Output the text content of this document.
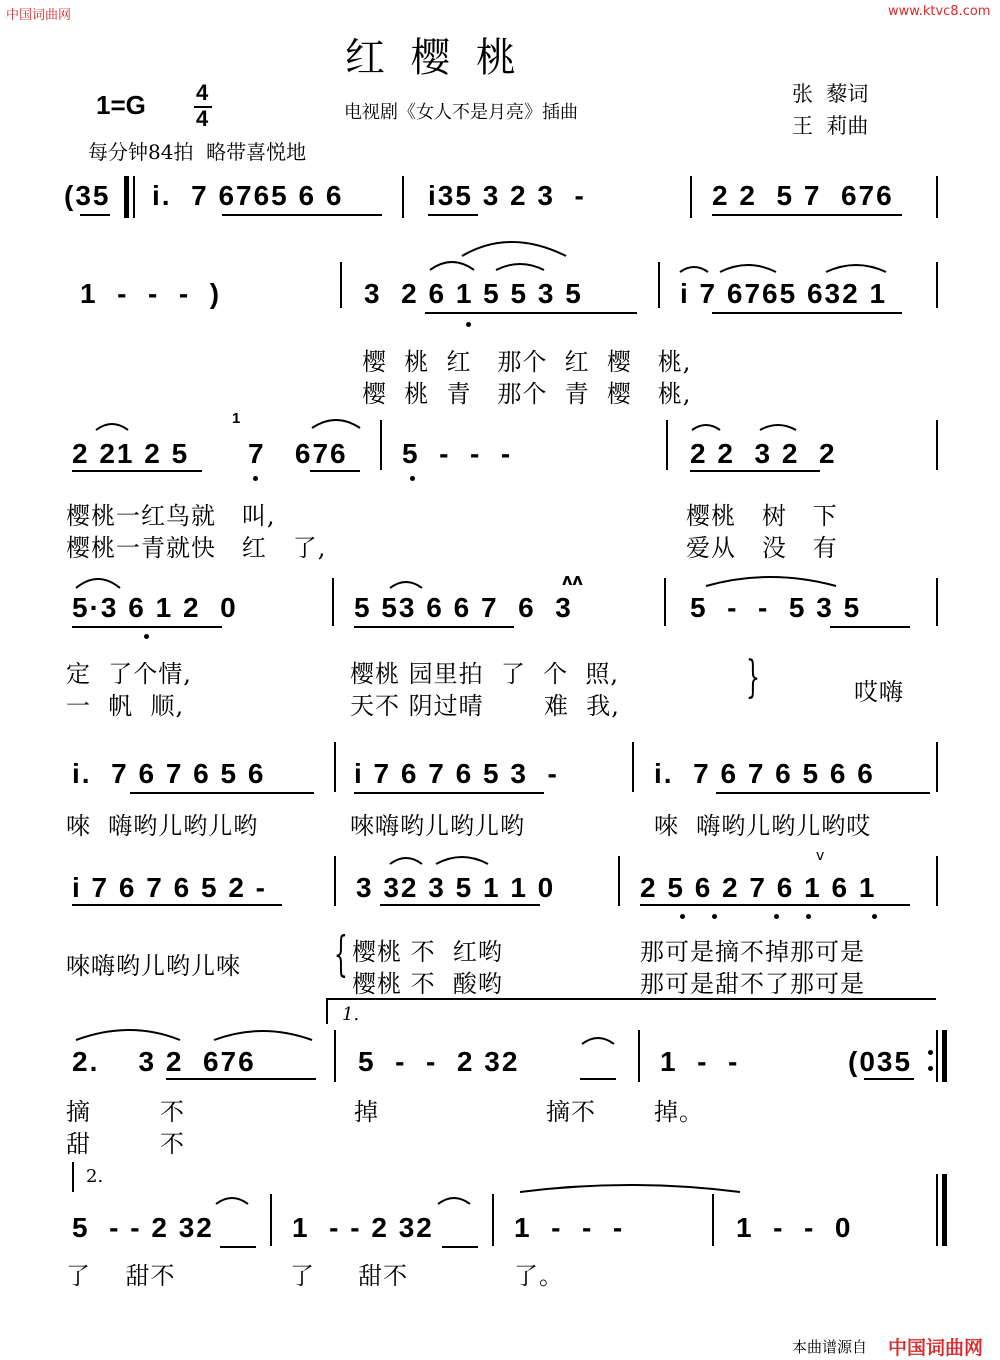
中国词曲网	www.ktvc8.com
红  樱  桃
1=G 4
4	电视剧《女人不是月亮》插曲
张  藜词
王  莉曲
每分钟84拍  略带喜悦地
(35 i.  7 6765 6 6	i35 3 2 3  -	2 2  5 7  676
1  -  -  -  )	3  2 6 1 5 5 3 5	i 7 6765 632 1
樱  桃  红   那个  红  樱   桃,
樱  桃  青   那个  青  樱   桃,
2 21 2 5
1
7   676 5  -  -  -	2 2  3 2  2
樱桃一红鸟就   叫,	樱桃   树   下
樱桃一青就快   红   了,	爱从   没   有
5·3 6 1 2  0	5 53 6 6 7  6  3
ʌʌ
5  -  -  5 3 5
定  了个情,	樱桃 园里拍  了  个  照,
一  帆  顺,	天不 阴过晴       难  我,
}	哎嗨
i.  7 6 7 6 5 6	i 7 6 7 6 5 3  -	i.  7 6 7 6 5 6 6
唻  嗨哟儿哟儿哟	唻嗨哟儿哟儿哟	唻  嗨哟儿哟儿哟哎
i 7 6 7 6 5 2 -	3 32 3 5 1 1 0	2 5 6 2 7 6 1 6 1
v
唻嗨哟儿哟儿唻 { 樱桃 不  红哟	那可是摘不掉那可是
樱桃 不  酸哟	那可是甜不了那可是
1.
2.    3 2  676	5  -  -  2 32	1  -  -	(035
摘        不	掉	摘不 掉。
甜        不
2.
5  - - 2 32	1  - - 2 32	1  -  -  -	1  -  -  0
了    甜不	了     甜不	了。
本曲谱源自 中国词曲网
